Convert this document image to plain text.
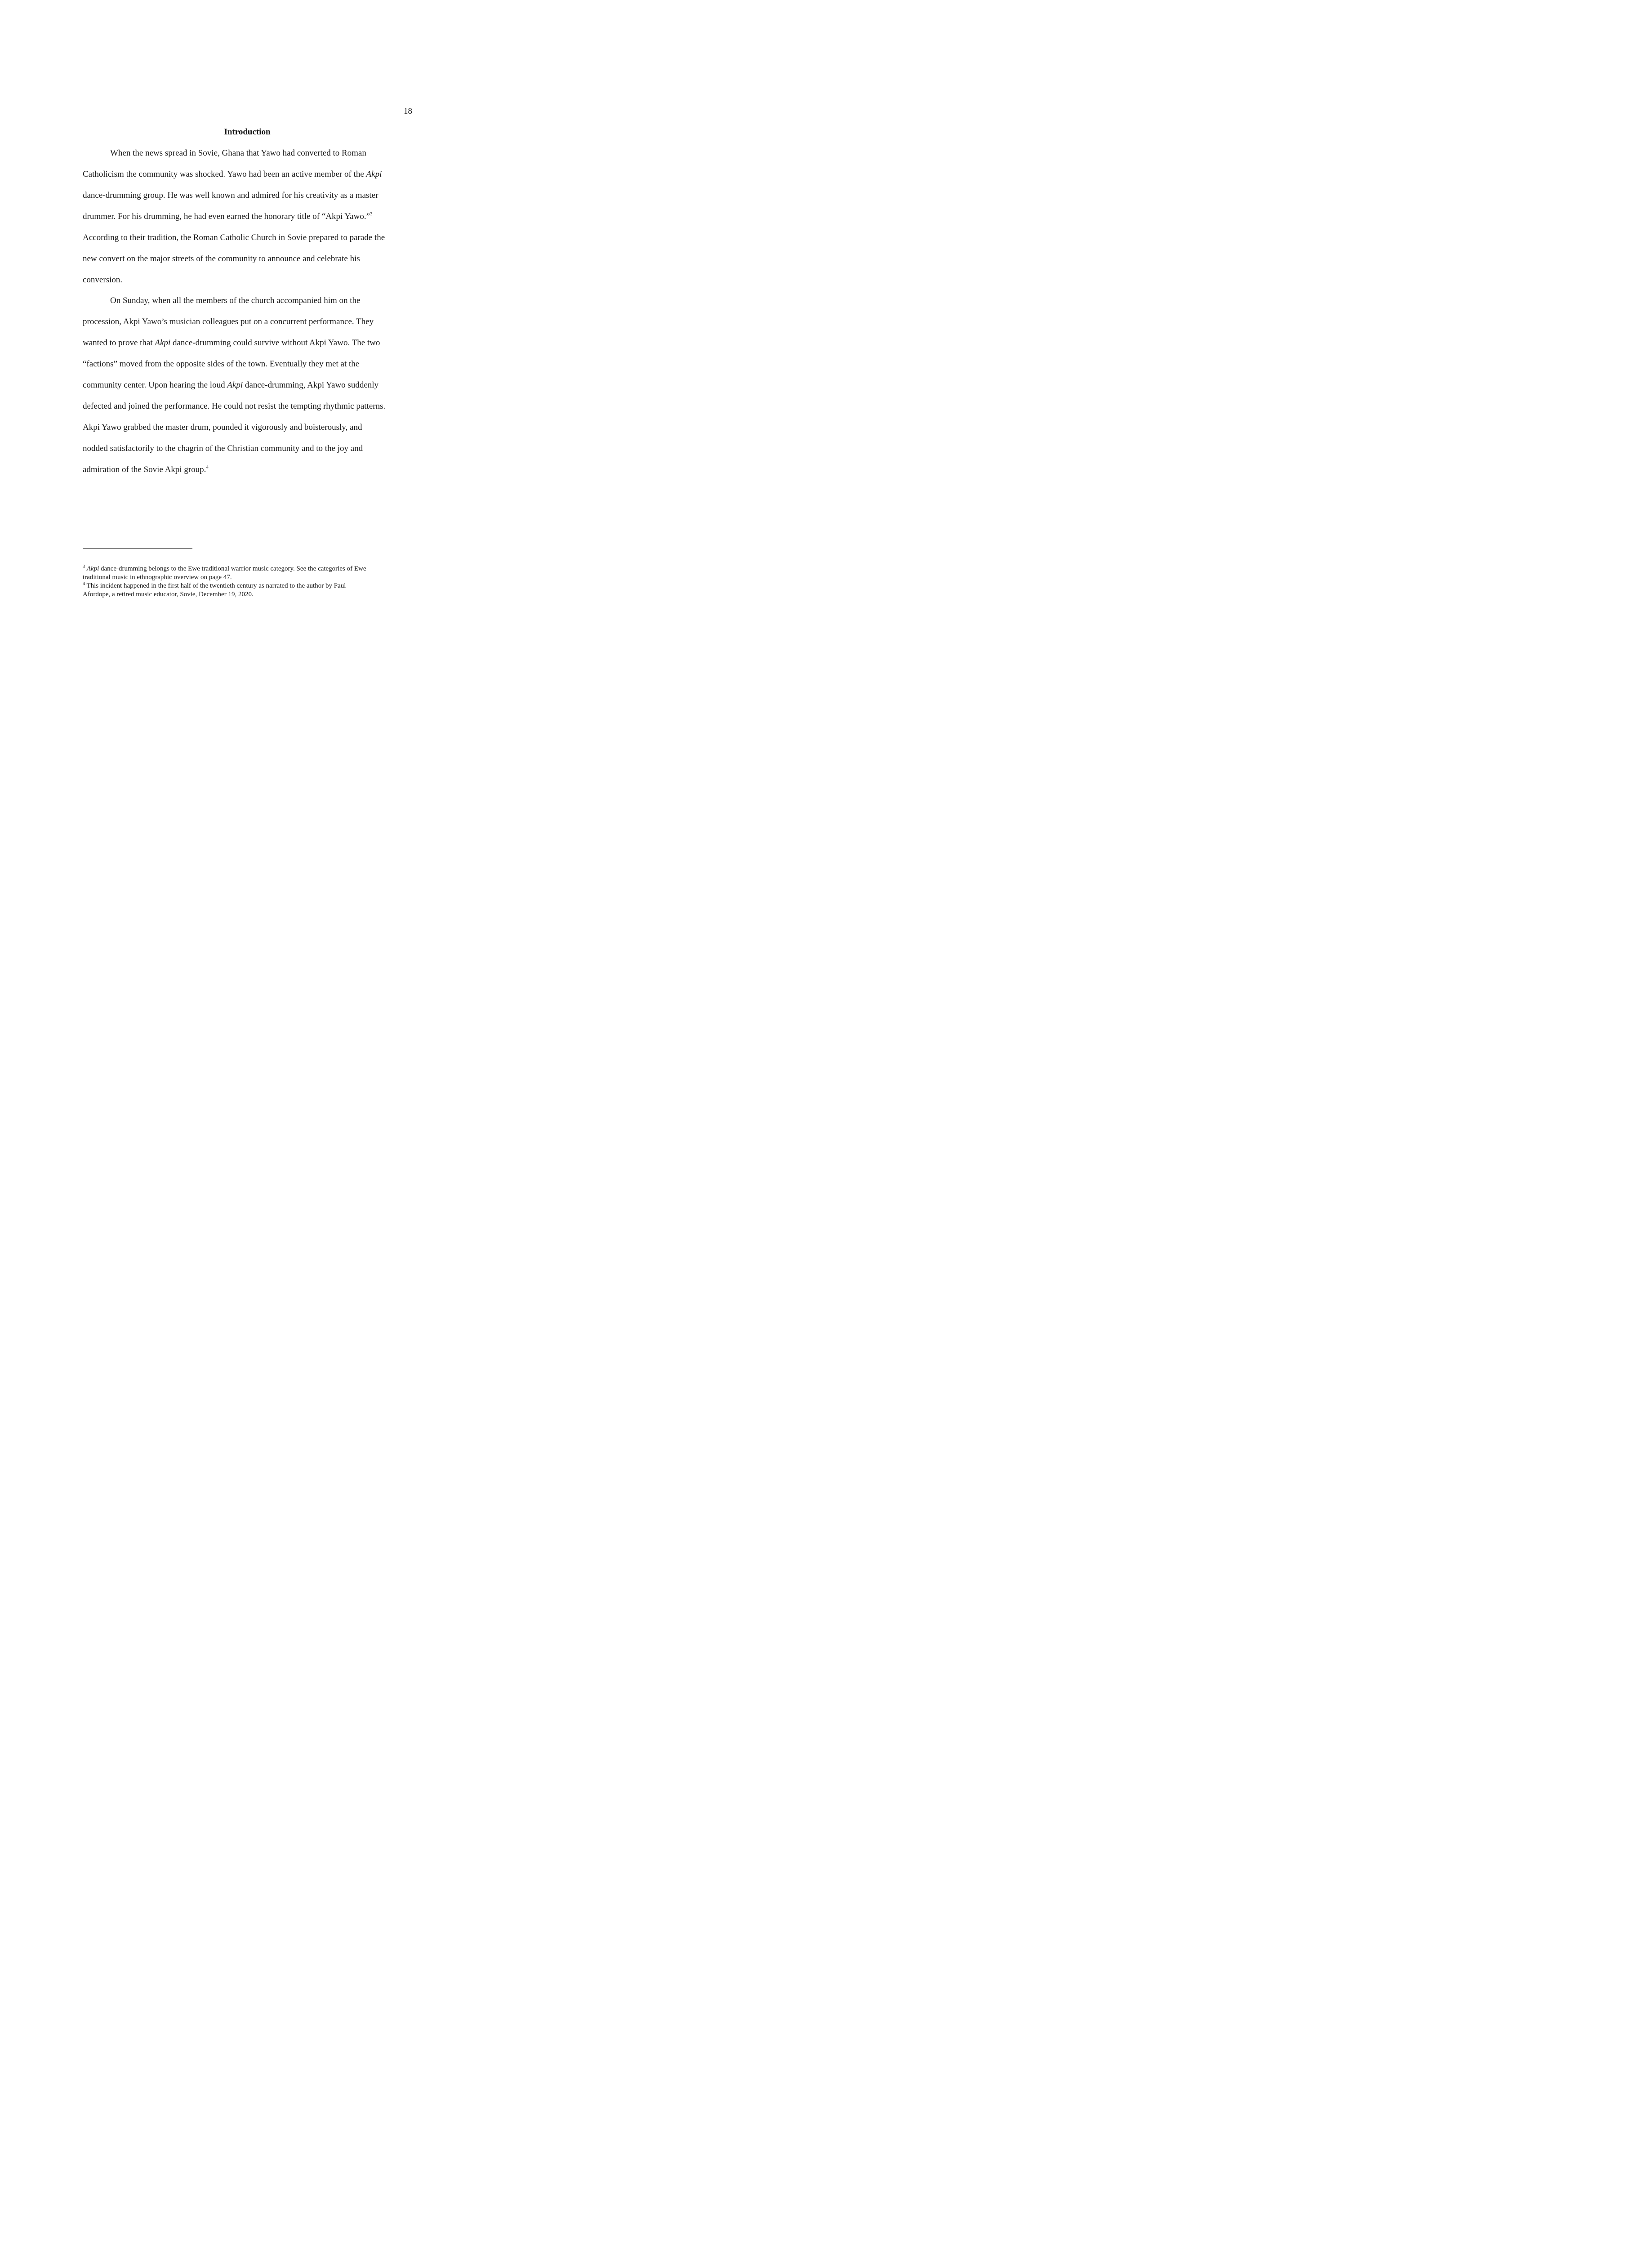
18
Introduction
When the news spread in Sovie, Ghana that Yawo had converted to Roman
Catholicism the community was shocked. Yawo had been an active member of the Akpi
dance-drumming group. He was well known and admired for his creativity as a master
drummer. For his drumming, he had even earned the honorary title of “Akpi Yawo.”$^3$
According to their tradition, the Roman Catholic Church in Sovie prepared to parade the
new convert on the major streets of the community to announce and celebrate his
conversion.
On Sunday, when all the members of the church accompanied him on the
procession, Akpi Yawo’s musician colleagues put on a concurrent performance. They
wanted to prove that Akpi dance-drumming could survive without Akpi Yawo. The two
“factions” moved from the opposite sides of the town. Eventually they met at the
community center. Upon hearing the loud Akpi dance-drumming, Akpi Yawo suddenly
defected and joined the performance. He could not resist the tempting rhythmic patterns.
Akpi Yawo grabbed the master drum, pounded it vigorously and boisterously, and
nodded satisfactorily to the chagrin of the Christian community and to the joy and
admiration of the Sovie Akpi group.$^4$
$^3$ Akpi dance-drumming belongs to the Ewe traditional warrior music category. See the categories of Ewe
traditional music in ethnographic overview on page 47.
$^4$ This incident happened in the first half of the twentieth century as narrated to the author by Paul
Afordope, a retired music educator, Sovie, December 19, 2020.
